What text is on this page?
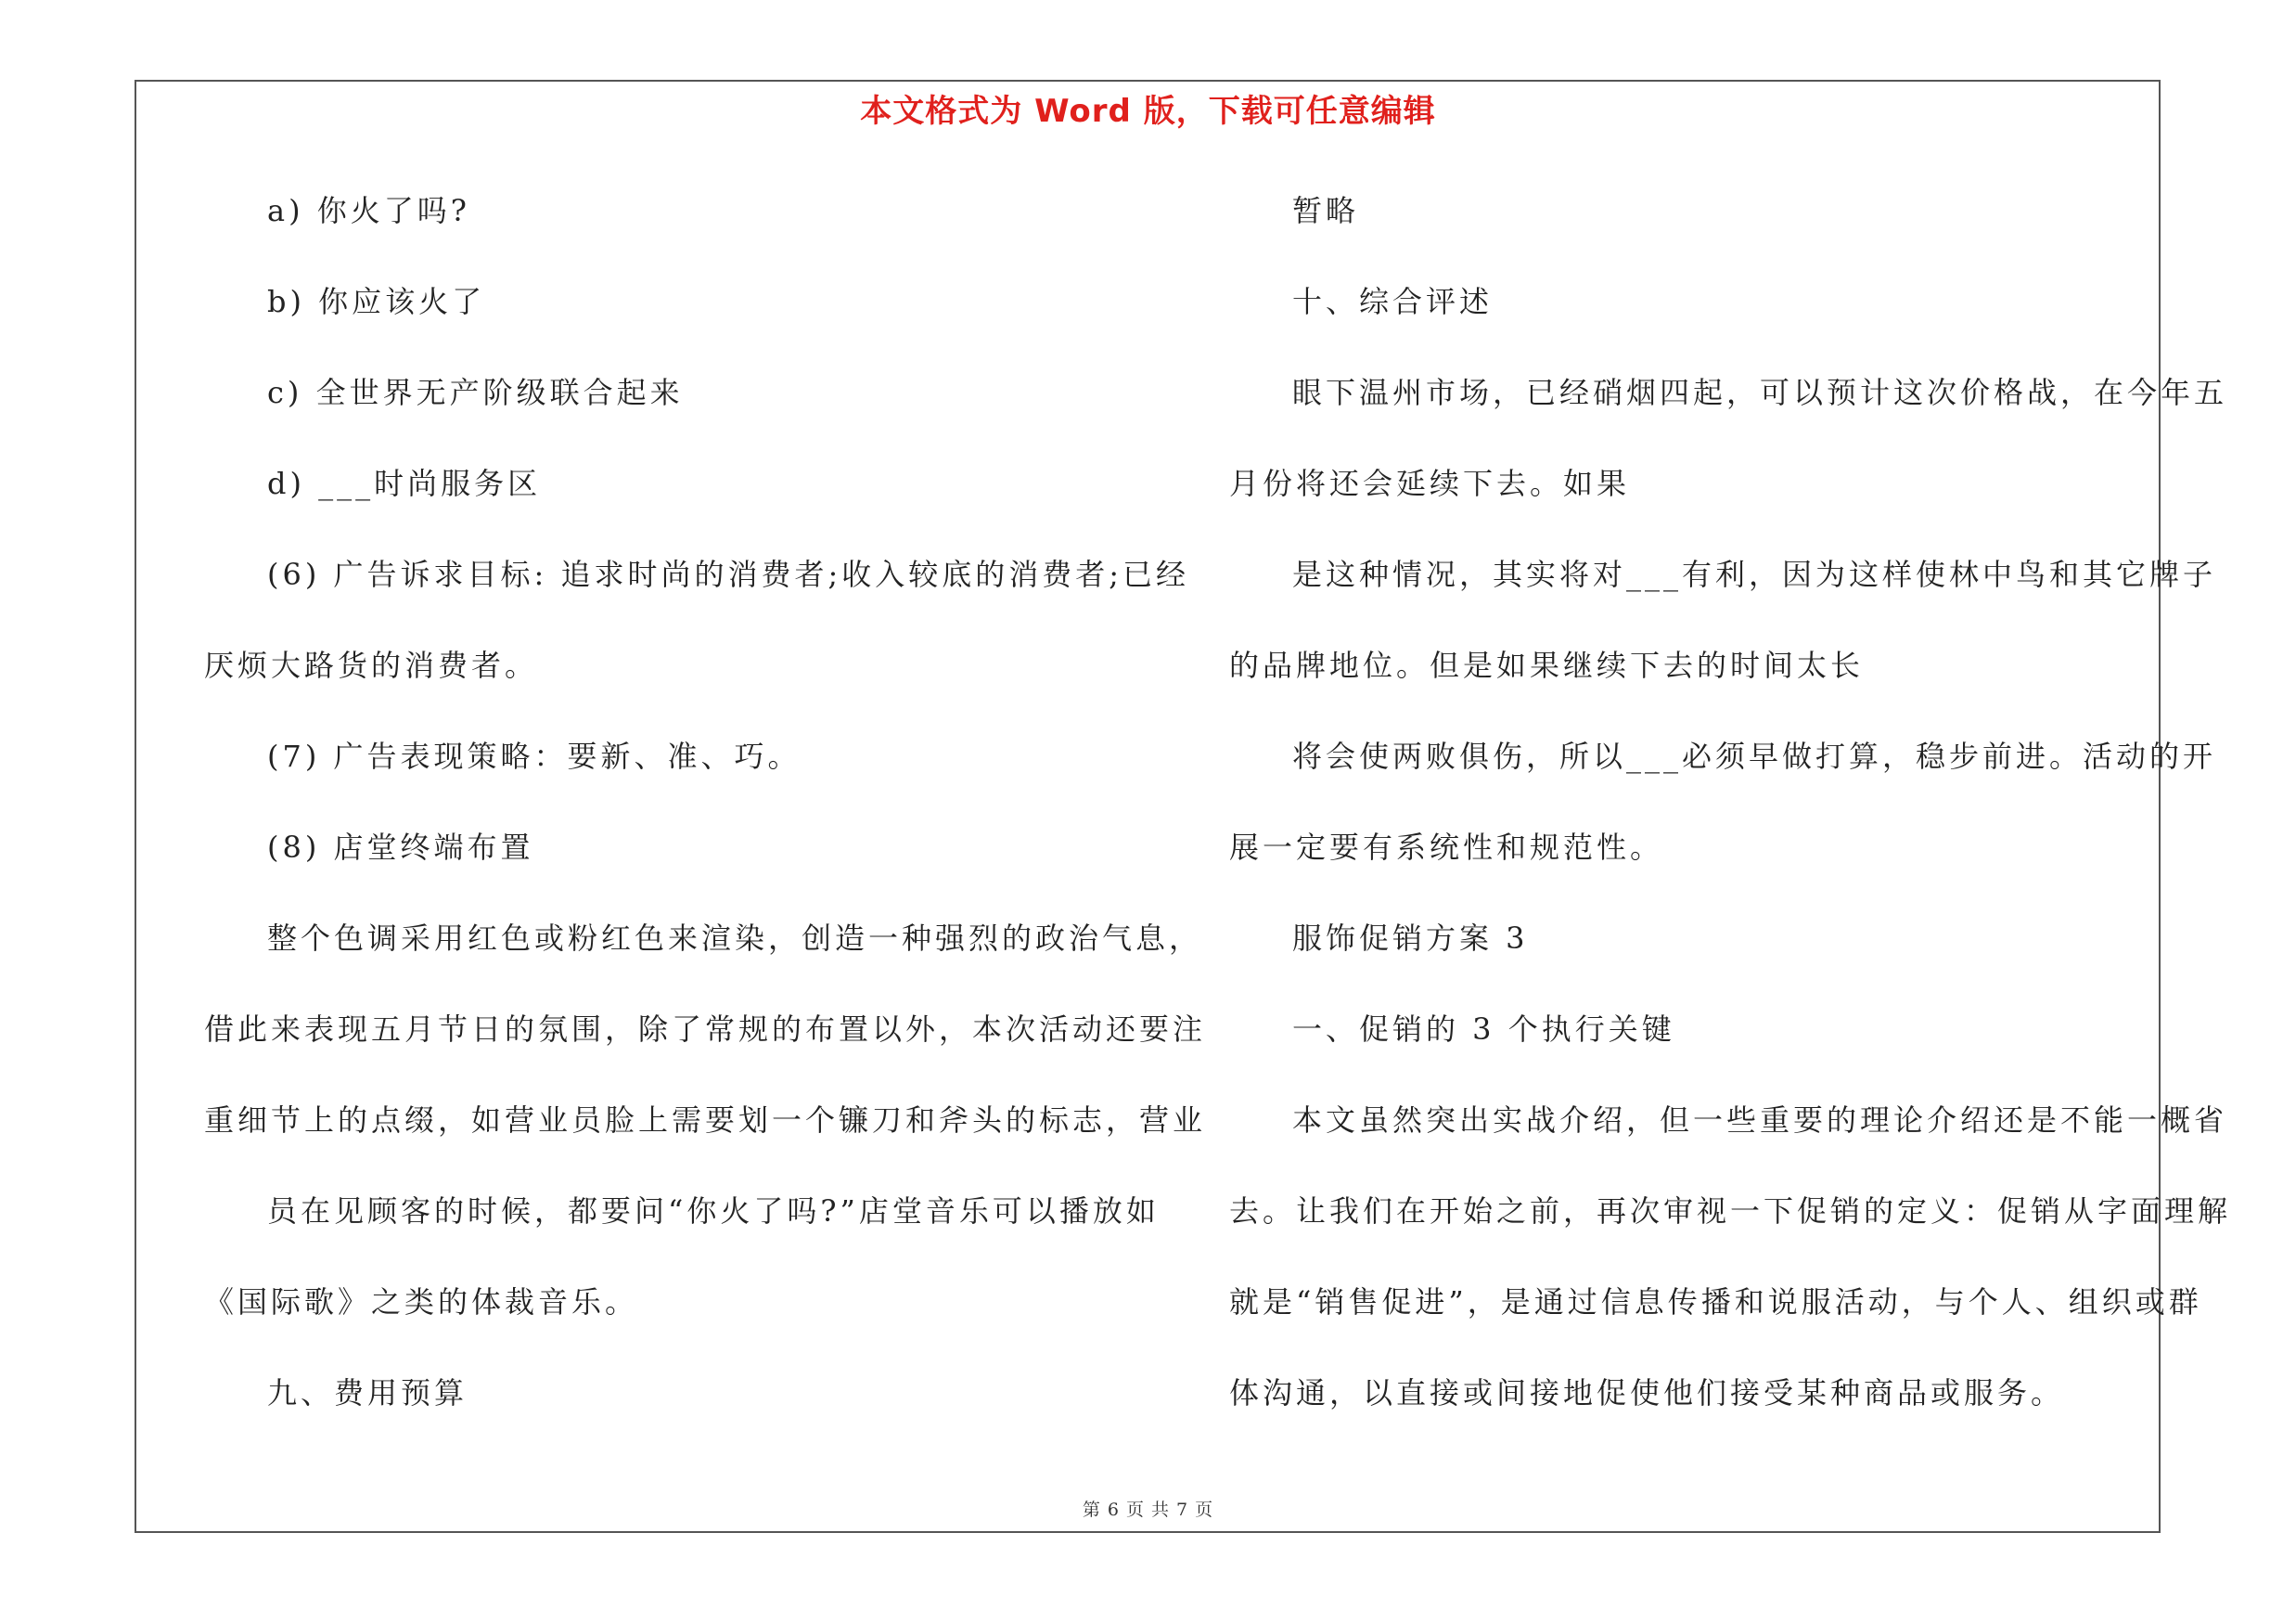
本文格式为 Word 版，下载可任意编辑
a) 你火了吗?
b) 你应该火了
c) 全世界无产阶级联合起来
d) ___时尚服务区
(6) 广告诉求目标: 追求时尚的消费者;收入较底的消费者;已经
厌烦大路货的消费者。
(7) 广告表现策略：要新、准、巧。
(8) 店堂终端布置
整个色调采用红色或粉红色来渲染，创造一种强烈的政治气息，
借此来表现五月节日的氛围，除了常规的布置以外，本次活动还要注
重细节上的点缀，如营业员脸上需要划一个镰刀和斧头的标志，营业
员在见顾客的时候，都要问“你火了吗?”店堂音乐可以播放如
《国际歌》之类的体裁音乐。
九、费用预算
暂略
十、综合评述
眼下温州市场，已经硝烟四起，可以预计这次价格战，在今年五
月份将还会延续下去。如果
是这种情况，其实将对___有利，因为这样使林中鸟和其它牌子
的品牌地位。但是如果继续下去的时间太长
将会使两败俱伤，所以___必须早做打算，稳步前进。活动的开
展一定要有系统性和规范性。
服饰促销方案 3
一、促销的 3 个执行关键
本文虽然突出实战介绍，但一些重要的理论介绍还是不能一概省
去。让我们在开始之前，再次审视一下促销的定义：促销从字面理解
就是“销售促进”，是通过信息传播和说服活动，与个人、组织或群
体沟通，以直接或间接地促使他们接受某种商品或服务。
第 6 页 共 7 页
